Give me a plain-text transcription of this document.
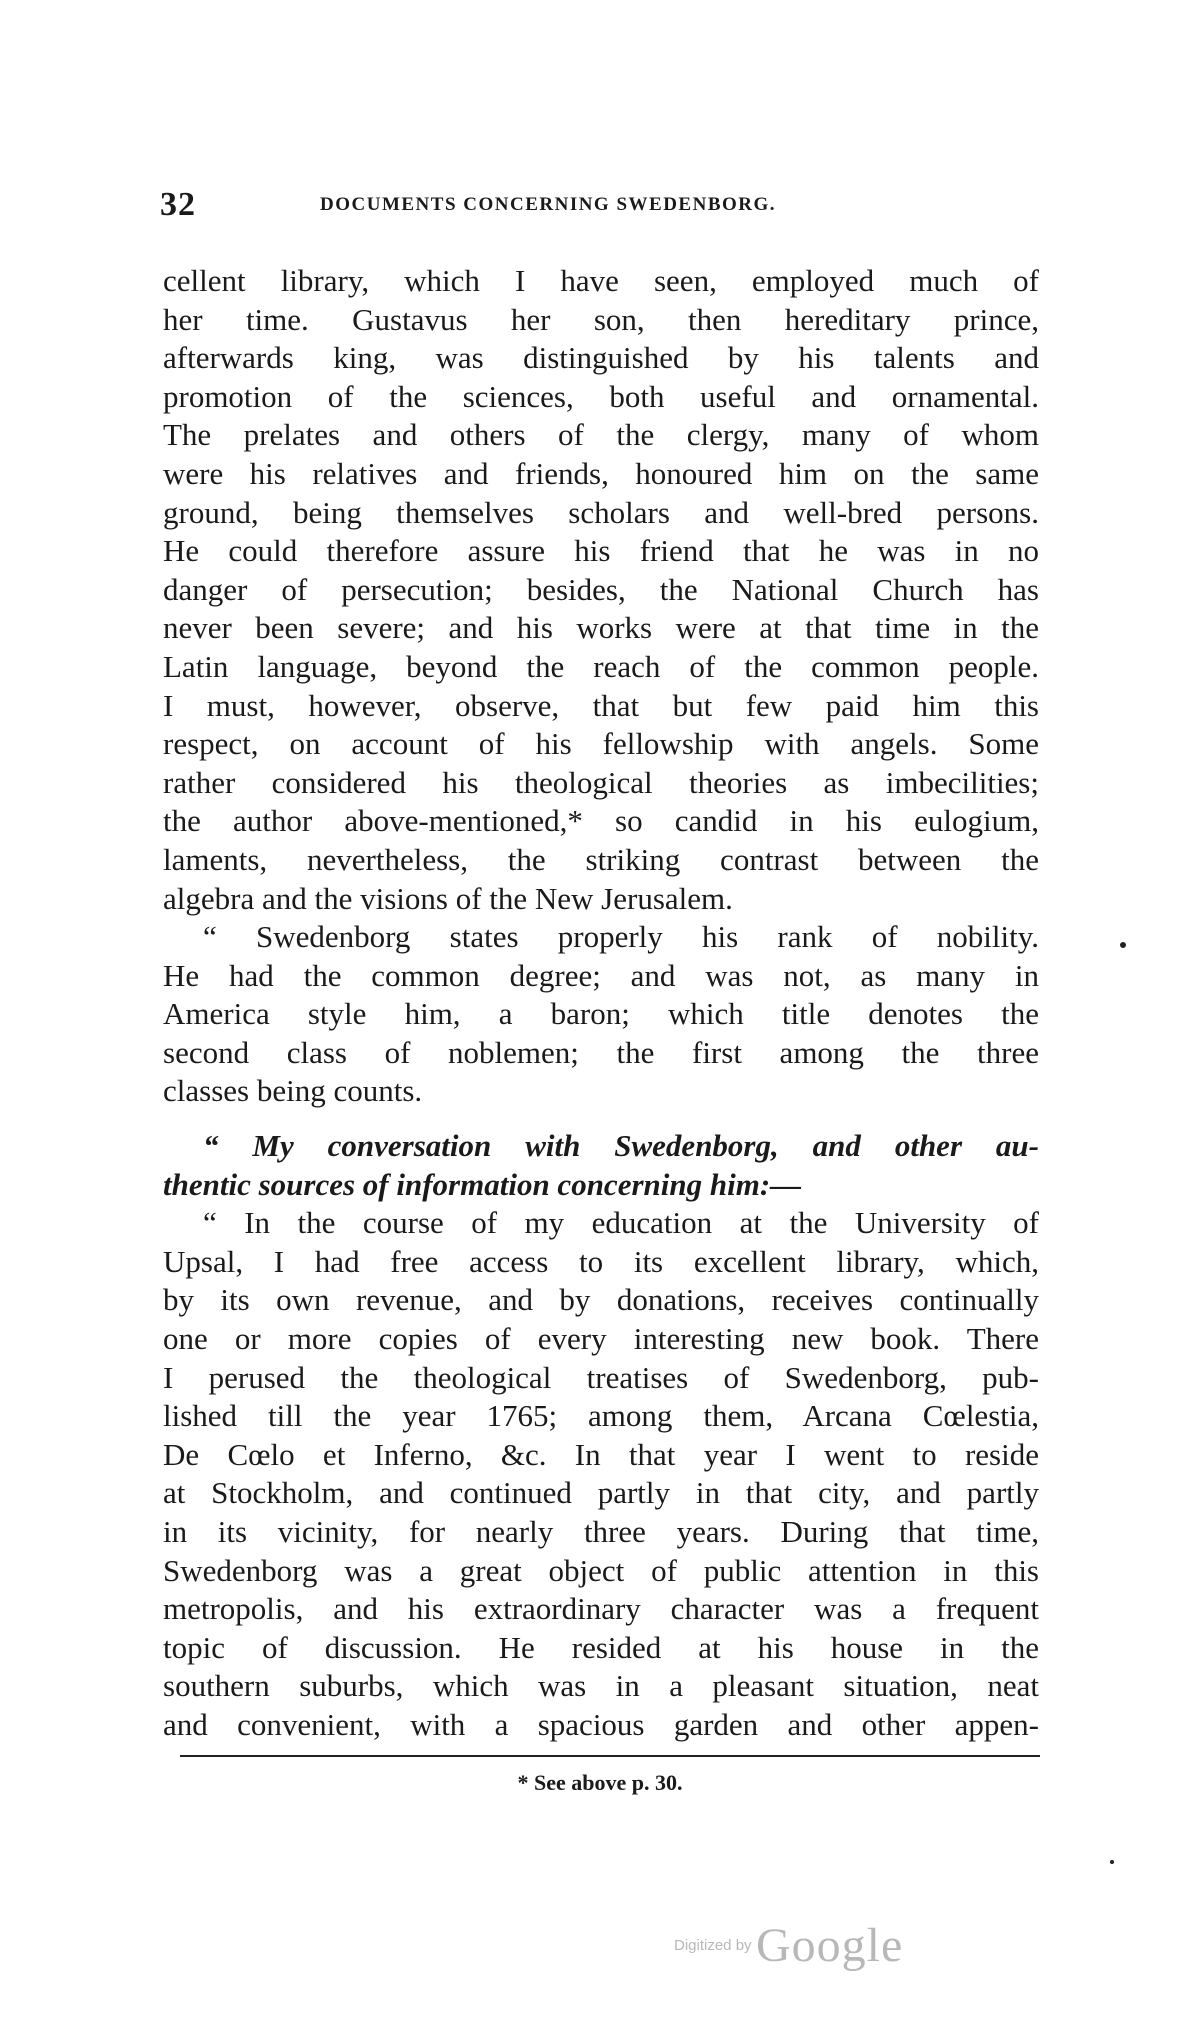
32	DOCUMENTS CONCERNING SWEDENBORG.
cellent library, which I have seen, employed much of
her time. Gustavus her son, then hereditary prince,
afterwards king, was distinguished by his talents and
promotion of the sciences, both useful and ornamental.
The prelates and others of the clergy, many of whom
were his relatives and friends, honoured him on the same
ground, being themselves scholars and well-bred persons.
He could therefore assure his friend that he was in no
danger of persecution; besides, the National Church has
never been severe; and his works were at that time in the
Latin language, beyond the reach of the common people.
I must, however, observe, that but few paid him this
respect, on account of his fellowship with angels. Some
rather considered his theological theories as imbecilities;
the author above-mentioned,* so candid in his eulogium,
laments, nevertheless, the striking contrast between the
algebra and the visions of the New Jerusalem.
“ Swedenborg states properly his rank of nobility.
He had the common degree; and was not, as many in
America style him, a baron; which title denotes the
second class of noblemen; the first among the three
classes being counts.
“ My conversation with Swedenborg, and other au-
thentic sources of information concerning him:—
“ In the course of my education at the University of
Upsal, I had free access to its excellent library, which,
by its own revenue, and by donations, receives continually
one or more copies of every interesting new book. There
I perused the theological treatises of Swedenborg, pub-
lished till the year 1765; among them, Arcana Cœlestia,
De Cœlo et Inferno, &c. In that year I went to reside
at Stockholm, and continued partly in that city, and partly
in its vicinity, for nearly three years. During that time,
Swedenborg was a great object of public attention in this
metropolis, and his extraordinary character was a frequent
topic of discussion. He resided at his house in the
southern suburbs, which was in a pleasant situation, neat
and convenient, with a spacious garden and other appen-
* See above p. 30.
Digitized by Google
